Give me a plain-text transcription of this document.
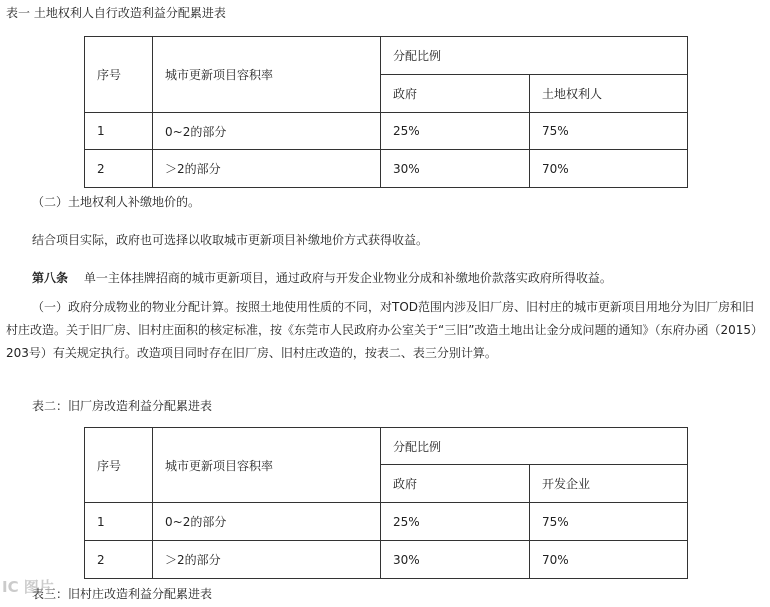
表一 土地权利人自行改造利益分配累进表
序号	城市更新项目容积率	分配比例	
		政府	土地权利人
1	0~2的部分	25%	75%
2	＞2的部分	30%	70%
（二）土地权利人补缴地价的。
结合项目实际，政府也可选择以收取城市更新项目补缴地价方式获得收益。
第八条 单一主体挂牌招商的城市更新项目，通过政府与开发企业物业分成和补缴地价款落实政府所得收益。
（一）政府分成物业的物业分配计算。按照土地使用性质的不同，对TOD范围内涉及旧厂房、旧村庄的城市更新项目用地分为旧厂房和旧村庄改造。关于旧厂房、旧村庄面积的核定标准，按《东莞市人民政府办公室关于“三旧”改造土地出让金分成问题的通知》（东府办函（2015）203号）有关规定执行。改造项目同时存在旧厂房、旧村庄改造的，按表二、表三分别计算。
表二：旧厂房改造利益分配累进表
序号	城市更新项目容积率	分配比例	
		政府	开发企业
1	0~2的部分	25%	75%
2	＞2的部分	30%	70%
表三：旧村庄改造利益分配累进表
IC 图片
